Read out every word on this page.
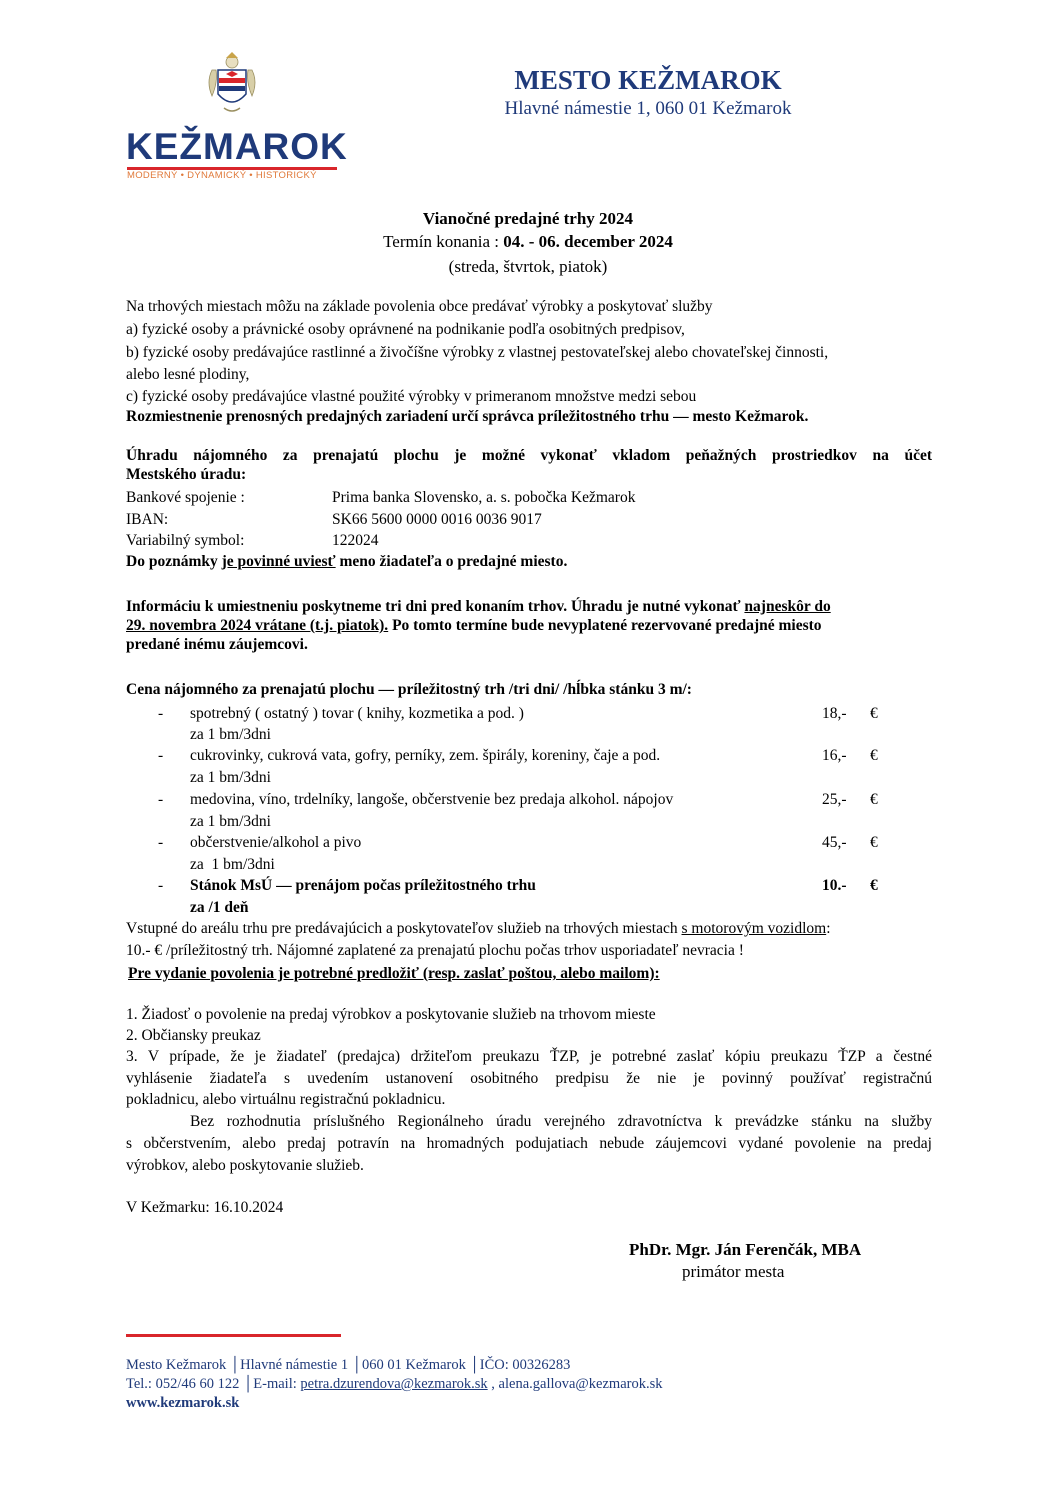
KEŽMAROK
MODERNÝ • DYNAMICKÝ • HISTORICKÝ
MESTO KEŽMAROK
Hlavné námestie 1, 060 01 Kežmarok
Vianočné predajné trhy 2024
Termín konania : 04. - 06. december 2024
(streda, štvrtok, piatok)
Na trhových miestach môžu na základe povolenia obce predávať výrobky a poskytovať služby
a) fyzické osoby a právnické osoby oprávnené na podnikanie podľa osobitných predpisov,
b) fyzické osoby predávajúce rastlinné a živočíšne výrobky z vlastnej pestovateľskej alebo chovateľskej činnosti,
alebo lesné plodiny,
c) fyzické osoby predávajúce vlastné použité výrobky v primeranom množstve medzi sebou
Rozmiestnenie prenosných predajných zariadení určí správca príležitostného trhu — mesto Kežmarok.
Úhradu nájomného za prenajatú plochu je možné vykonať vkladom peňažných prostriedkov na účet
Mestského úradu:
Bankové spojenie :	Prima banka Slovensko, a. s. pobočka Kežmarok
IBAN:	SK66 5600 0000 0016 0036 9017
Variabilný symbol:	122024
Do poznámky je povinné uviesť meno žiadateľa o predajné miesto.
Informáciu k umiestneniu poskytneme tri dni pred konaním trhov. Úhradu je nutné vykonať najneskôr do
29. novembra 2024 vrátane (t.j. piatok). Po tomto termíne bude nevyplatené rezervované predajné miesto
predané inému záujemcovi.
Cena nájomného za prenajatú plochu — príležitostný trh /tri dni/ /hĺbka stánku 3 m/:
- spotrebný ( ostatný ) tovar ( knihy, kozmetika a pod. )	18,- €
za 1 bm/3dni
- cukrovinky, cukrová vata, gofry, perníky, zem. špirály, koreniny, čaje a pod.	16,- €
za 1 bm/3dni
- medovina, víno, trdelníky, langoše, občerstvenie bez predaja alkohol. nápojov	25,- €
za 1 bm/3dni
- občerstvenie/alkohol a pivo	45,- €
za  1 bm/3dni
- Stánok MsÚ — prenájom počas príležitostného trhu	10.- €
za /1 deň
Vstupné do areálu trhu pre predávajúcich a poskytovateľov služieb na trhových miestach s motorovým vozidlom:
10.- € /príležitostný trh. Nájomné zaplatené za prenajatú plochu počas trhov usporiadateľ nevracia !
Pre vydanie povolenia je potrebné predložiť (resp. zaslať poštou, alebo mailom):
1. Žiadosť o povolenie na predaj výrobkov a poskytovanie služieb na trhovom mieste
2. Občiansky preukaz
3. V prípade, že je žiadateľ (predajca) držiteľom preukazu ŤZP, je potrebné zaslať kópiu preukazu ŤZP a čestné
vyhlásenie žiadateľa s uvedením ustanovení osobitného predpisu že nie je povinný používať registračnú
pokladnicu, alebo virtuálnu registračnú pokladnicu.
Bez rozhodnutia príslušného Regionálneho úradu verejného zdravotníctva k prevádzke stánku na služby
s občerstvením, alebo predaj potravín na hromadných podujatiach nebude záujemcovi vydané povolenie na predaj
výrobkov, alebo poskytovanie služieb.
V Kežmarku: 16.10.2024
PhDr. Mgr. Ján Ferenčák, MBA
primátor mesta
Mesto Kežmarok │Hlavné námestie 1 │060 01 Kežmarok │IČO: 00326283
Tel.: 052/46 60 122 │E-mail: petra.dzurendova@kezmarok.sk , alena.gallova@kezmarok.sk
www.kezmarok.sk
